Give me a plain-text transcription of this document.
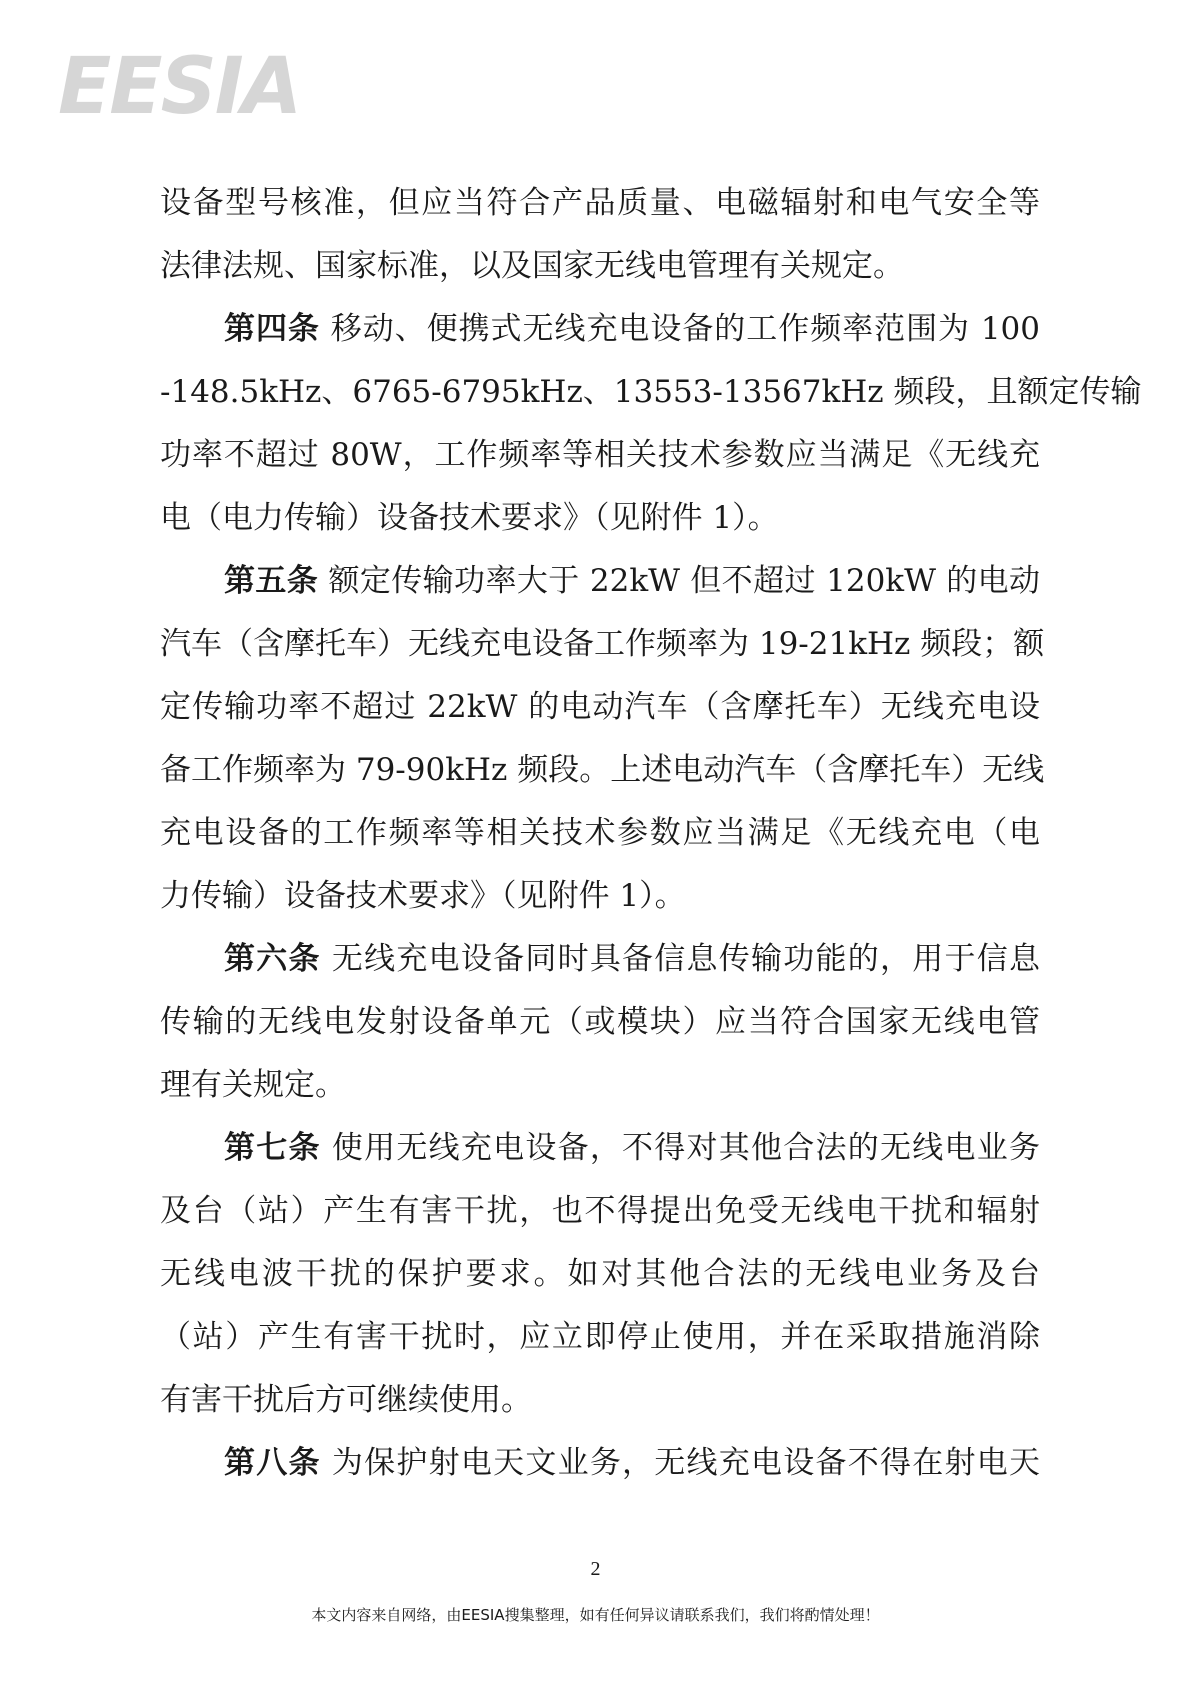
EESIA
设备型号核准，但应当符合产品质量、电磁辐射和电气安全等
法律法规、国家标准，以及国家无线电管理有关规定。
第四条 移动、便携式无线充电设备的工作频率范围为 100
-148.5kHz、6765-6795kHz、13553-13567kHz 频段，且额定传输
功率不超过 80W，工作频率等相关技术参数应当满足《无线充
电（电力传输）设备技术要求》（见附件 1）。
第五条 额定传输功率大于 22kW 但不超过 120kW 的电动
汽车（含摩托车）无线充电设备工作频率为 19-21kHz 频段；额
定传输功率不超过 22kW 的电动汽车（含摩托车）无线充电设
备工作频率为 79-90kHz 频段。上述电动汽车（含摩托车）无线
充电设备的工作频率等相关技术参数应当满足《无线充电（电
力传输）设备技术要求》（见附件 1）。
第六条 无线充电设备同时具备信息传输功能的，用于信息
传输的无线电发射设备单元（或模块）应当符合国家无线电管
理有关规定。
第七条 使用无线充电设备，不得对其他合法的无线电业务
及台（站）产生有害干扰，也不得提出免受无线电干扰和辐射
无线电波干扰的保护要求。如对其他合法的无线电业务及台
（站）产生有害干扰时，应立即停止使用，并在采取措施消除
有害干扰后方可继续使用。
第八条 为保护射电天文业务，无线充电设备不得在射电天
2
本文内容来自网络，由EESIA搜集整理，如有任何异议请联系我们，我们将酌情处理！
